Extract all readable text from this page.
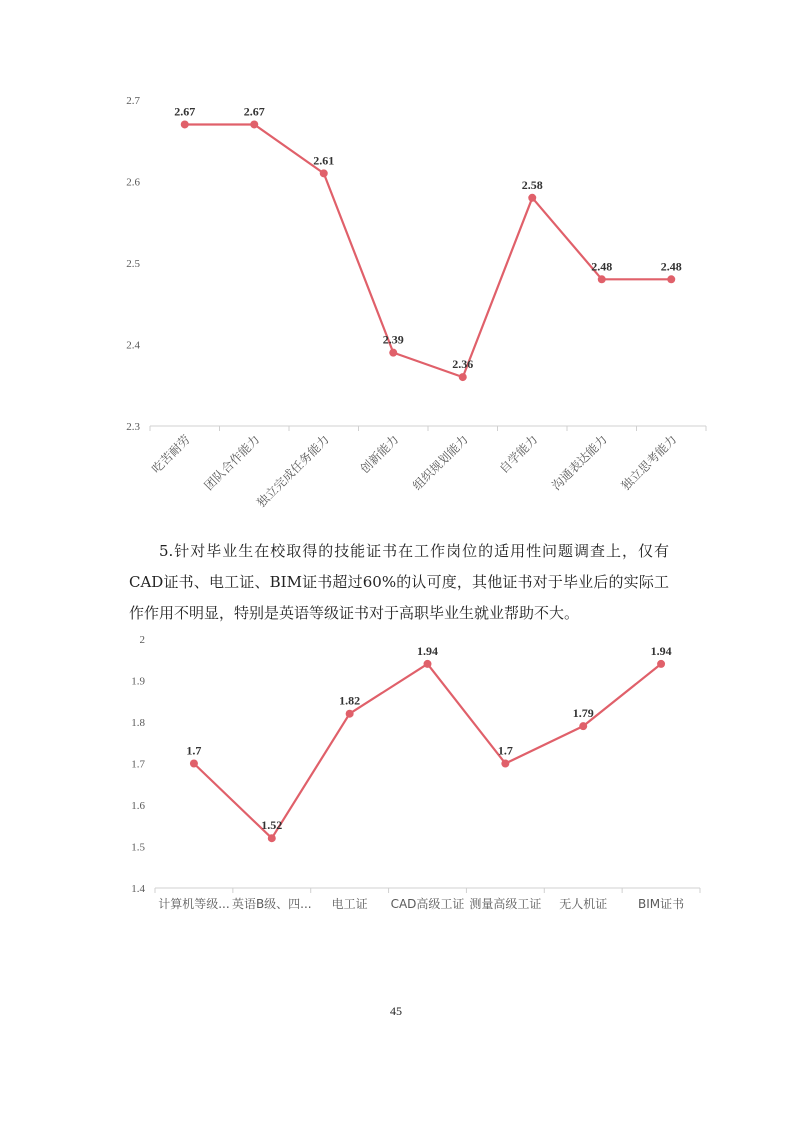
2.3
2.4
2.5
2.6
2.7
2.67	2.67
2.61
2.39
2.36
2.58
2.48	2.48
吃苦耐劳 团队合作能力
独立完成任务能力 创新能力 组织规划能力 自学能力 沟通表达能力 独立思考能力

5.针对毕业生在校取得的技能证书在工作岗位的适用性问题调查上，仅有CAD证书、电工证、BIM证书超过60%的认可度，其他证书对于毕业后的实际工作作用不明显，特别是英语等级证书对于高职毕业生就业帮助不大。

1.4
1.5
1.6
1.7
1.8
1.9
2
1.7
1.52
1.82
1.94
1.7
1.79
1.94
计算机等级... 英语B级、四... 电工证 CAD高级工证 测量高级工证 无人机证	BIM证书
45
